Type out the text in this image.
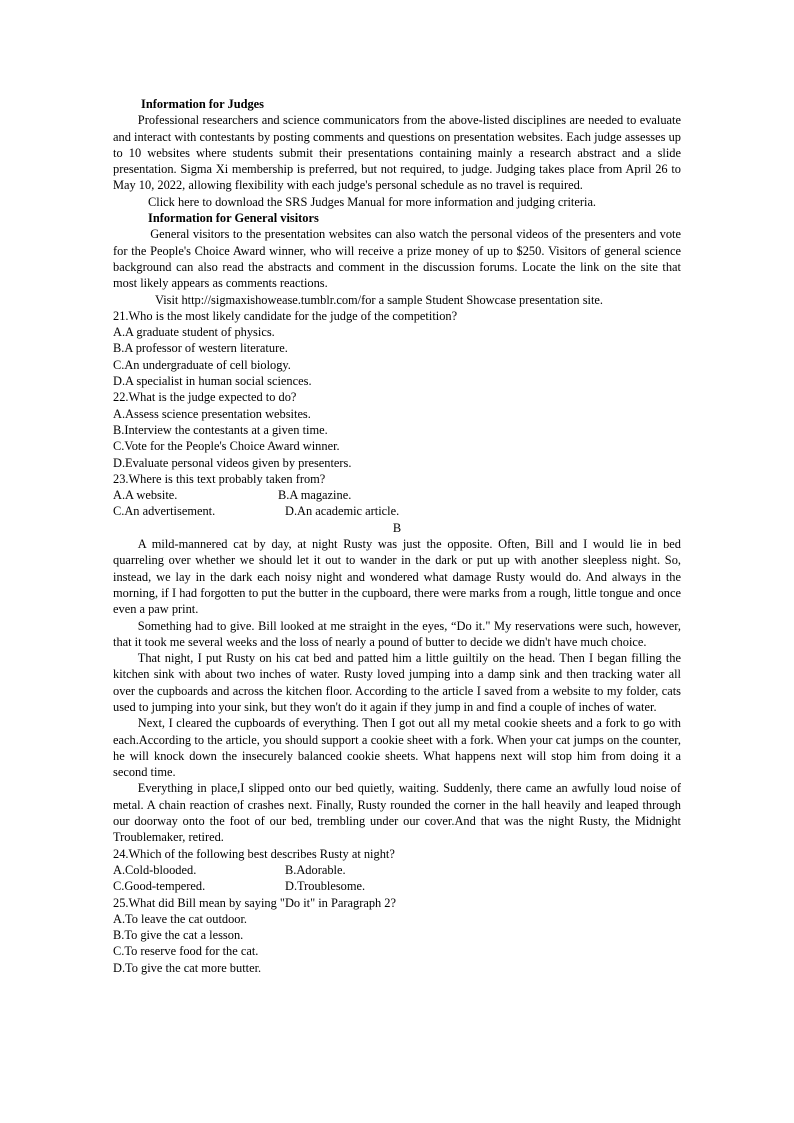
Information for Judges

Professional researchers and science communicators from the above-listed disciplines are needed to evaluate and interact with contestants by posting comments and questions on presentation websites. Each judge assesses up to 10 websites where students submit their presentations containing mainly a research abstract and a slide presentation. Sigma Xi membership is preferred, but not required, to judge. Judging takes place from April 26 to May 10, 2022, allowing flexibility with each judge's personal schedule as no travel is required.

Click here to download the SRS Judges Manual for more information and judging criteria.

Information for General visitors

General visitors to the presentation websites can also watch the personal videos of the presenters and vote for the People's Choice Award winner, who will receive a prize money of up to $250. Visitors of general science background can also read the abstracts and comment in the discussion forums. Locate the link on the site that most likely appears as comments reactions.

Visit http://sigmaxishowease.tumblr.com/for a sample Student Showcase presentation site.

21.Who is the most likely candidate for the judge of the competition?

A.A graduate student of physics.

B.A professor of western literature.

C.An undergraduate of cell biology.

D.A specialist in human social sciences.

22.What is the judge expected to do?

A.Assess science presentation websites.

B.Interview the contestants at a given time.

C.Vote for the People's Choice Award winner.

D.Evaluate personal videos given by presenters.

23.Where is this text probably taken from?

A.A website.	B.A magazine.
C.An advertisement.	D.An academic article.

B

A mild-mannered cat by day, at night Rusty was just the opposite. Often, Bill and I would lie in bed quarreling over whether we should let it out to wander in the dark or put up with another sleepless night. So, instead, we lay in the dark each noisy night and wondered what damage Rusty would do. And always in the morning, if I had forgotten to put the butter in the cupboard, there were marks from a rough, little tongue and once even a paw print.

Something had to give. Bill looked at me straight in the eyes, “Do it." My reservations were such, however, that it took me several weeks and the loss of nearly a pound of butter to decide we didn't have much choice.

That night, I put Rusty on his cat bed and patted him a little guiltily on the head. Then I began filling the kitchen sink with about two inches of water. Rusty loved jumping into a damp sink and then tracking water all over the cupboards and across the kitchen floor. According to the article I saved from a website to my folder, cats used to jumping into your sink, but they won't do it again if they jump in and find a couple of inches of water.

Next, I cleared the cupboards of everything. Then I got out all my metal cookie sheets and a fork to go with each.According to the article, you should support a cookie sheet with a fork. When your cat jumps on the counter, he will knock down the insecurely balanced cookie sheets. What happens next will stop him from doing it a second time.

Everything in place,I slipped onto our bed quietly, waiting. Suddenly, there came an awfully loud noise of metal. A chain reaction of crashes next. Finally, Rusty rounded the corner in the hall heavily and leaped through our doorway onto the foot of our bed, trembling under our cover.And that was the night Rusty, the Midnight Troublemaker, retired.

24.Which of the following best describes Rusty at night?

A.Cold-blooded.	B.Adorable.
C.Good-tempered.	D.Troublesome.

25.What did Bill mean by saying "Do it" in Paragraph 2?

A.To leave the cat outdoor.

B.To give the cat a lesson.

C.To reserve food for the cat.

D.To give the cat more butter.
